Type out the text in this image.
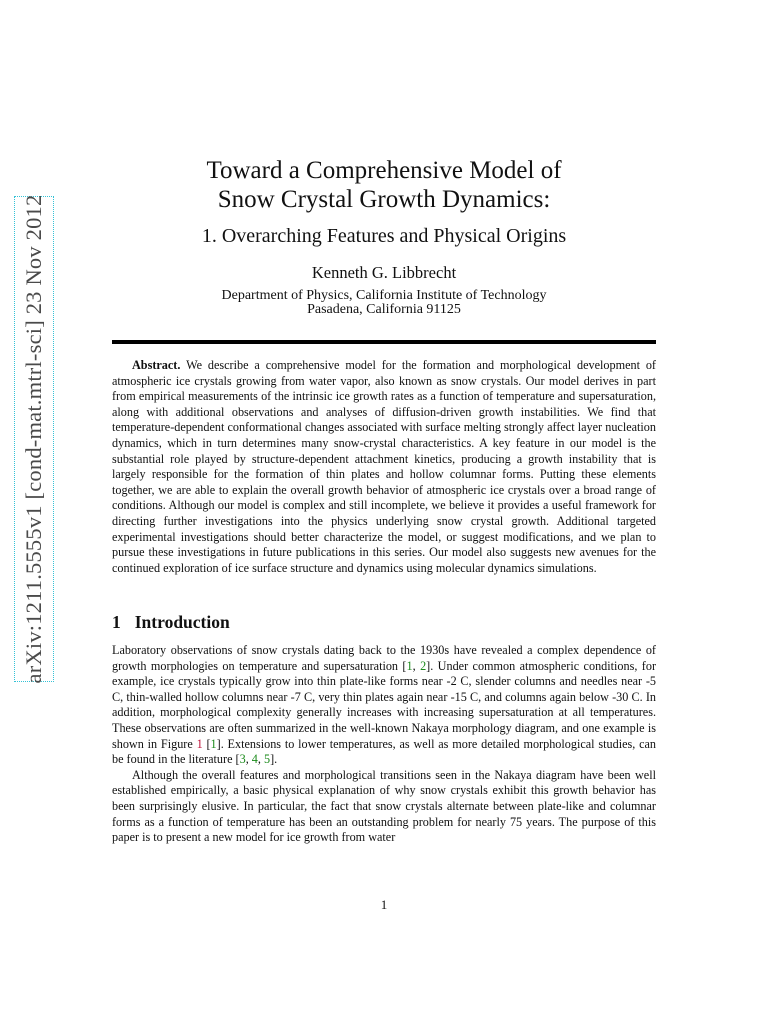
arXiv:1211.5555v1 [cond-mat.mtrl-sci] 23 Nov 2012
Toward a Comprehensive Model of
Snow Crystal Growth Dynamics:
1. Overarching Features and Physical Origins
Kenneth G. Libbrecht
Department of Physics, California Institute of Technology
Pasadena, California 91125

Abstract. We describe a comprehensive model for the formation and morphological development of atmospheric ice crystals growing from water vapor, also known as snow crystals. Our model derives in part from empirical measurements of the intrinsic ice growth rates as a function of temperature and supersaturation, along with additional observations and analyses of diffusion-driven growth instabilities. We find that temperature-dependent conformational changes associated with surface melting strongly affect layer nucleation dynamics, which in turn determines many snow-crystal characteristics. A key feature in our model is the substantial role played by structure-dependent attachment kinetics, producing a growth instability that is largely responsible for the formation of thin plates and hollow columnar forms. Putting these elements together, we are able to explain the overall growth behavior of atmospheric ice crystals over a broad range of conditions. Although our model is complex and still incomplete, we believe it provides a useful framework for directing further investigations into the physics underlying snow crystal growth. Additional targeted experimental investigations should better characterize the model, or suggest modifications, and we plan to pursue these investigations in future publications in this series. Our model also suggests new avenues for the continued exploration of ice surface structure and dynamics using molecular dynamics simulations.

1 Introduction

Laboratory observations of snow crystals dating back to the 1930s have revealed a complex dependence of growth morphologies on temperature and supersaturation [1, 2]. Under common atmospheric conditions, for example, ice crystals typically grow into thin plate-like forms near -2 C, slender columns and needles near -5 C, thin-walled hollow columns near -7 C, very thin plates again near -15 C, and columns again below -30 C. In addition, morphological complexity generally increases with increasing supersaturation at all temperatures. These observations are often summarized in the well-known Nakaya morphology diagram, and one example is shown in Figure 1 [1]. Extensions to lower temperatures, as well as more detailed morphological studies, can be found in the literature [3, 4, 5].

Although the overall features and morphological transitions seen in the Nakaya diagram have been well established empirically, a basic physical explanation of why snow crystals exhibit this growth behavior has been surprisingly elusive. In particular, the fact that snow crystals alternate between plate-like and columnar forms as a function of temperature has been an outstanding problem for nearly 75 years. The purpose of this paper is to present a new model for ice growth from water

1
